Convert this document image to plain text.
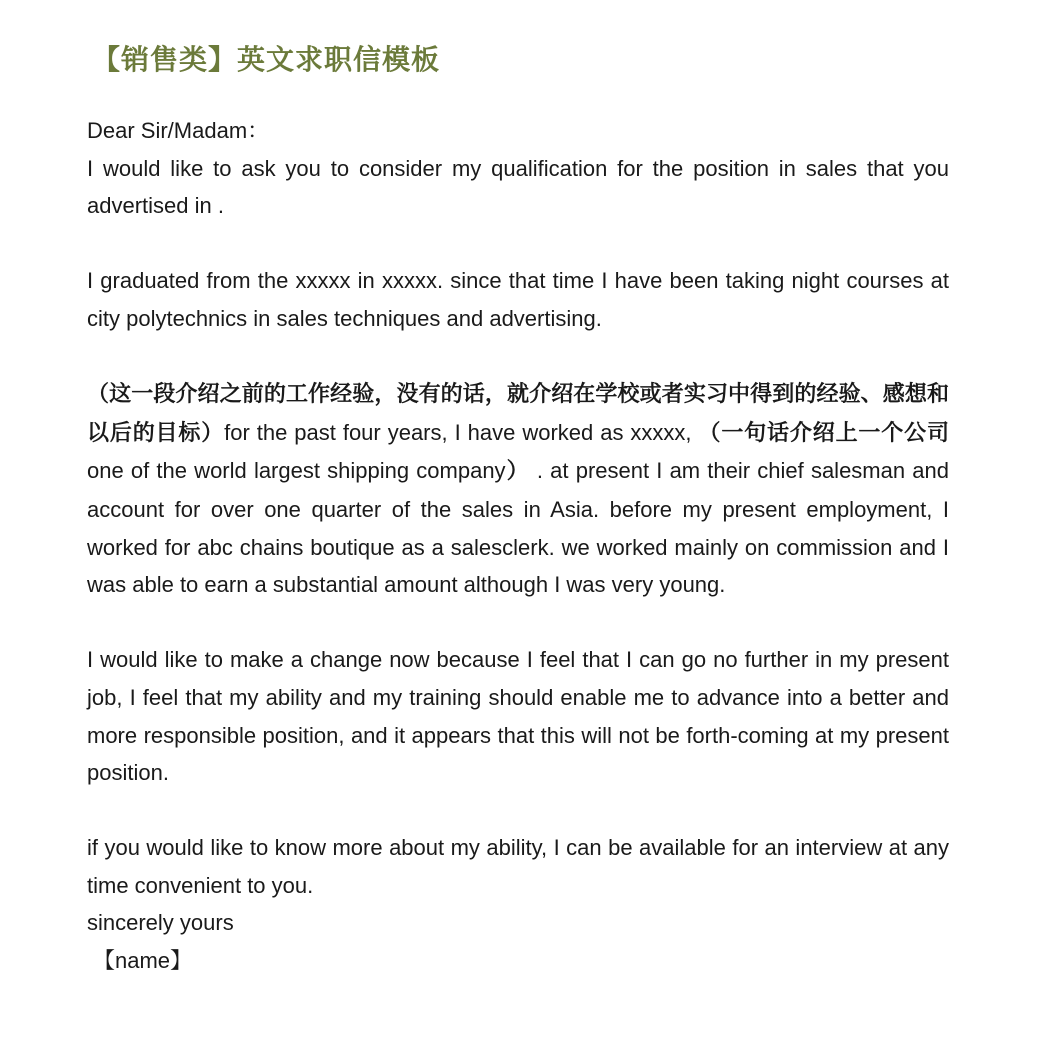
【销售类】英文求职信模板

Dear Sir/Madam：

I would like to ask you to consider my qualification for the position in sales that you advertised in .

I graduated from the xxxxx in xxxxx. since that time I have been taking night courses at city polytechnics in sales techniques and advertising.

（这一段介绍之前的工作经验，没有的话，就介绍在学校或者实习中得到的经验、感想和以后的目标）for the past four years, I have worked as xxxxx, （一句话介绍上一个公司 one of the world largest shipping company） . at present I am their chief salesman and account for over one quarter of the sales in Asia. before my present employment, I worked for abc chains boutique as a salesclerk. we worked mainly on commission and I was able to earn a substantial amount although I was very young.

I would like to make a change now because I feel that I can go no further in my present job, I feel that my ability and my training should enable me to advance into a better and more responsible position, and it appears that this will not be forth-coming at my present position.

if you would like to know more about my ability, I can be available for an interview at any time convenient to you.

sincerely yours

【name】
